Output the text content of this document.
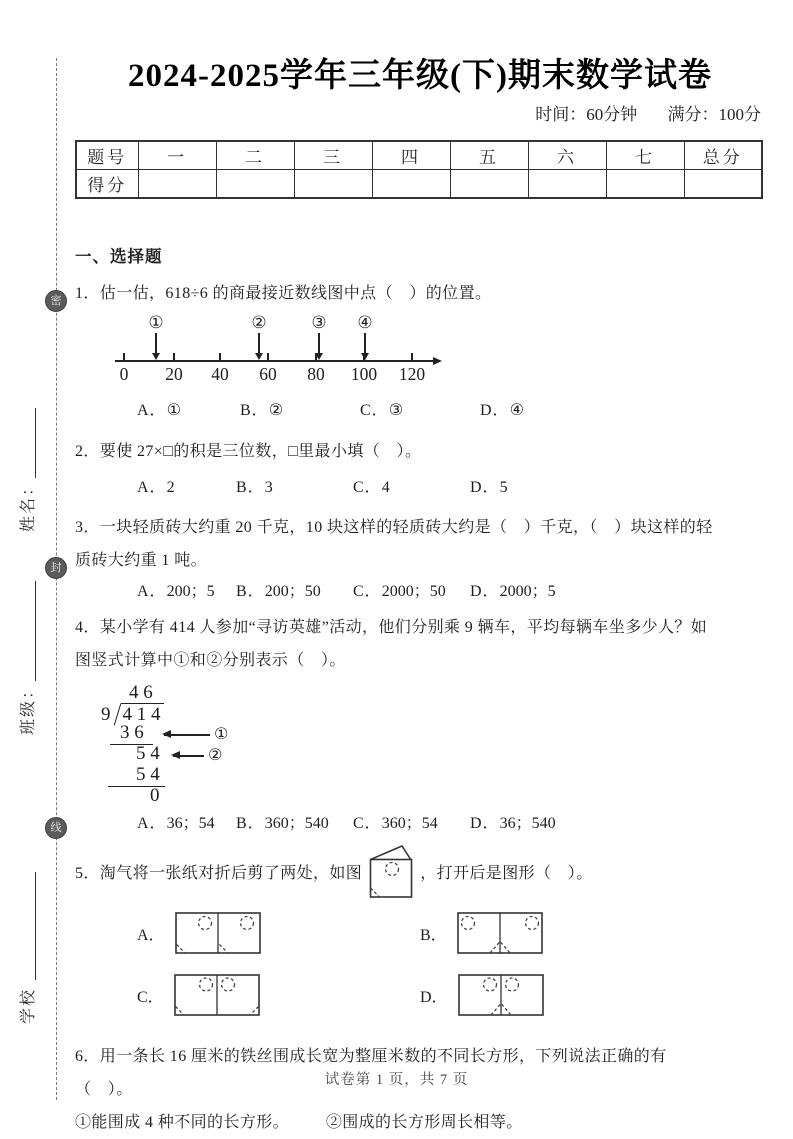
密
封
线
姓名：
班级：
学校
2024-2025学年三年级(下)期末数学试卷
时间：60分钟 满分：100分
题号	一	二	三	四	五	六	七	总分
得分								
一、选择题
1．估一估，618÷6 的商最接近数线图中点（　）的位置。
0 20 40 60 80 100 120
①	②	③ ④
A．①	B．②	C．③	D．④
2．要使 27×□的积是三位数，□里最小填（　）。
A．2	B．3	C．4	D．5
3．一块轻质砖大约重 20 千克，10 块这样的轻质砖大约是（　）千克，（　）块这样的轻质砖大约重 1 吨。
A．200；5	B．200；50	C．2000；50	D．2000；5
4．某小学有 414 人参加“寻访英雄”活动，他们分别乘 9 辆车，平均每辆车坐多少人？如图竖式计算中①和②分别表示（　）。
4 6
9 4 1 4
3 6	①
5 4	②
5 4
0
A．36；54	B．360；540	C．360；54	D．36；540
5．淘气将一张纸对折后剪了两处，如图	，打开后是图形（　）。
A．	B．
C．	D．
6．用一条长 16 厘米的铁丝围成长宽为整厘米数的不同长方形，下列说法正确的有（　）。
①能围成 4 种不同的长方形。 ②围成的长方形周长相等。
试卷第 1 页，共 7 页
